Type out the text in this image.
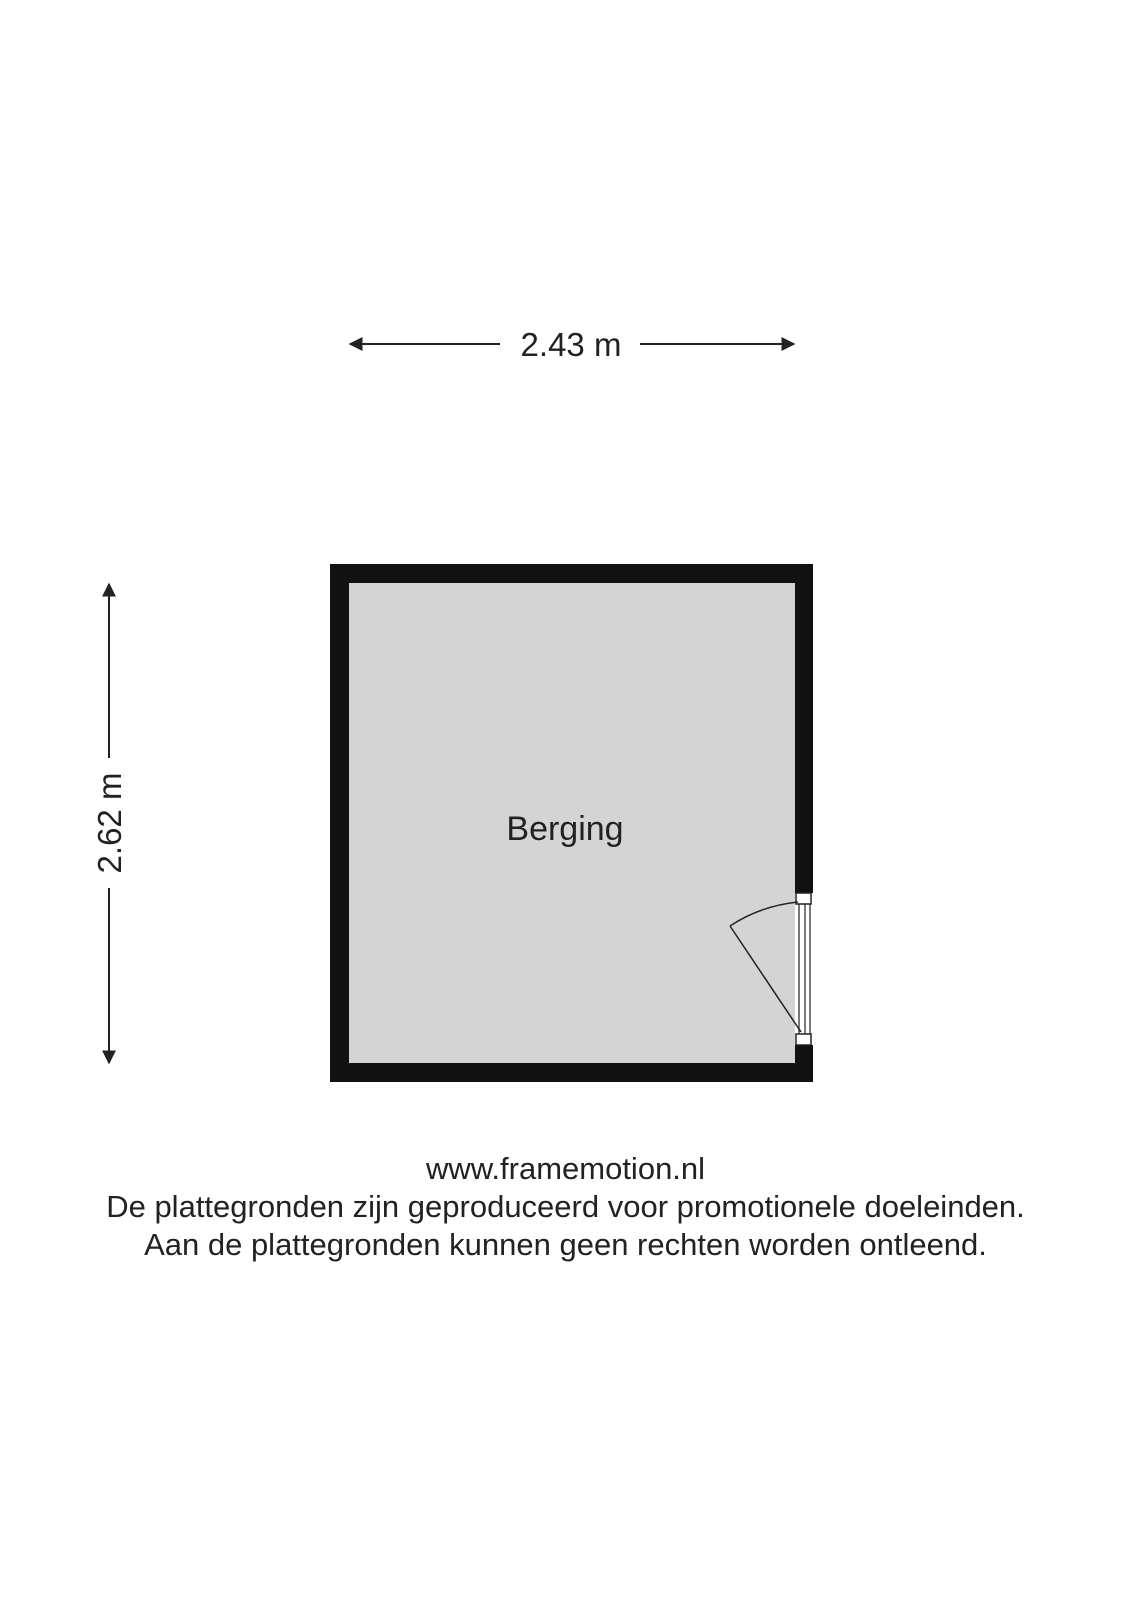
2.43 m
2.62 m	Berging
www.framemotion.nl
De plattegronden zijn geproduceerd voor promotionele doeleinden.
Aan de plattegronden kunnen geen rechten worden ontleend.
